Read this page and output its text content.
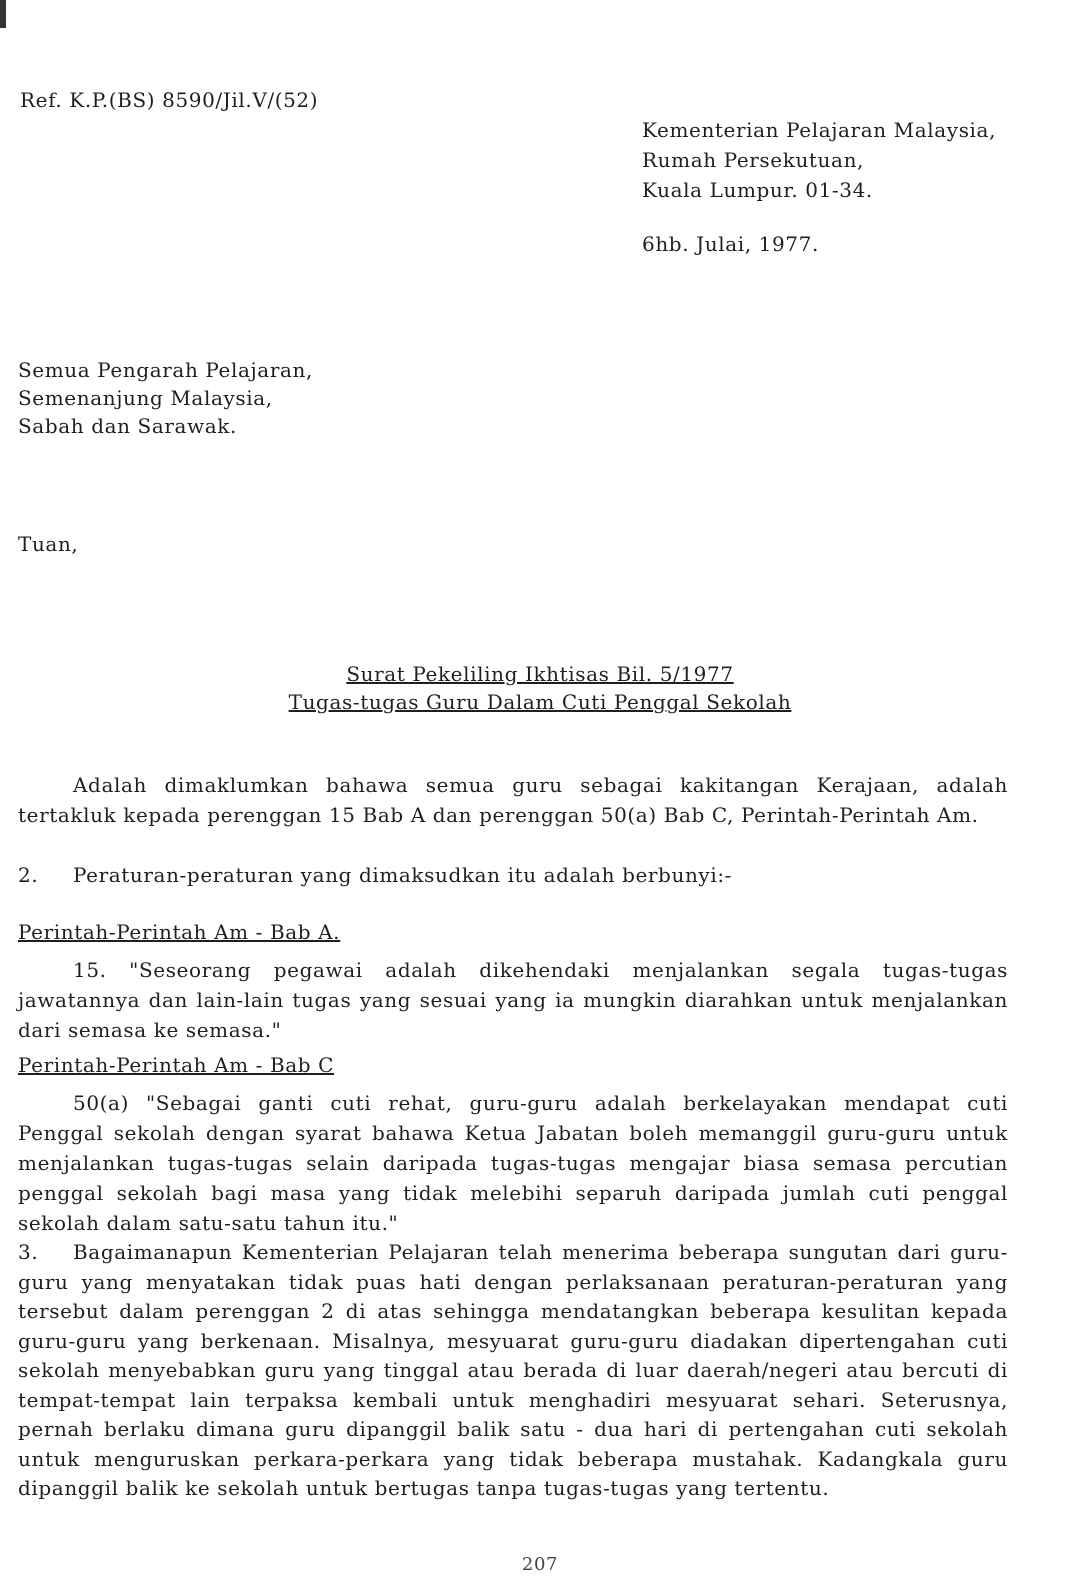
Ref. K.P.(BS) 8590/Jil.V/(52)
Kementerian Pelajaran Malaysia,
Rumah Persekutuan,
Kuala Lumpur. 01-34.
6hb. Julai, 1977.
Semua Pengarah Pelajaran,
Semenanjung Malaysia,
Sabah dan Sarawak.
Tuan,
Surat Pekeliling Ikhtisas Bil. 5/1977
Tugas-tugas Guru Dalam Cuti Penggal Sekolah
Adalah dimaklumkan bahawa semua guru sebagai kakitangan Kerajaan, adalah tertakluk kepada perenggan 15 Bab A dan perenggan 50(a) Bab C, Perintah-Perintah Am.
2. Peraturan-peraturan yang dimaksudkan itu adalah berbunyi:-
Perintah-Perintah Am - Bab A.
15. "Seseorang pegawai adalah dikehendaki menjalankan segala tugas-tugas jawatannya dan lain-lain tugas yang sesuai yang ia mungkin diarahkan untuk menjalankan dari semasa ke semasa."
Perintah-Perintah Am - Bab C
50(a) "Sebagai ganti cuti rehat, guru-guru adalah berkelayakan mendapat cuti Penggal sekolah dengan syarat bahawa Ketua Jabatan boleh memanggil guru-guru untuk menjalankan tugas-tugas selain daripada tugas-tugas mengajar biasa semasa percutian penggal sekolah bagi masa yang tidak melebihi separuh daripada jumlah cuti penggal sekolah dalam satu-satu tahun itu."
3. Bagaimanapun Kementerian Pelajaran telah menerima beberapa sungutan dari guru-guru yang menyatakan tidak puas hati dengan perlaksanaan peraturan-peraturan yang tersebut dalam perenggan 2 di atas sehingga mendatangkan beberapa kesulitan kepada guru-guru yang berkenaan. Misalnya, mesyuarat guru-guru diadakan dipertengahan cuti sekolah menyebabkan guru yang tinggal atau berada di luar daerah/negeri atau bercuti di tempat-tempat lain terpaksa kembali untuk menghadiri mesyuarat sehari. Seterusnya, pernah berlaku dimana guru dipanggil balik satu - dua hari di pertengahan cuti sekolah untuk menguruskan perkara-perkara yang tidak beberapa mustahak. Kadangkala guru dipanggil balik ke sekolah untuk bertugas tanpa tugas-tugas yang tertentu.
207
